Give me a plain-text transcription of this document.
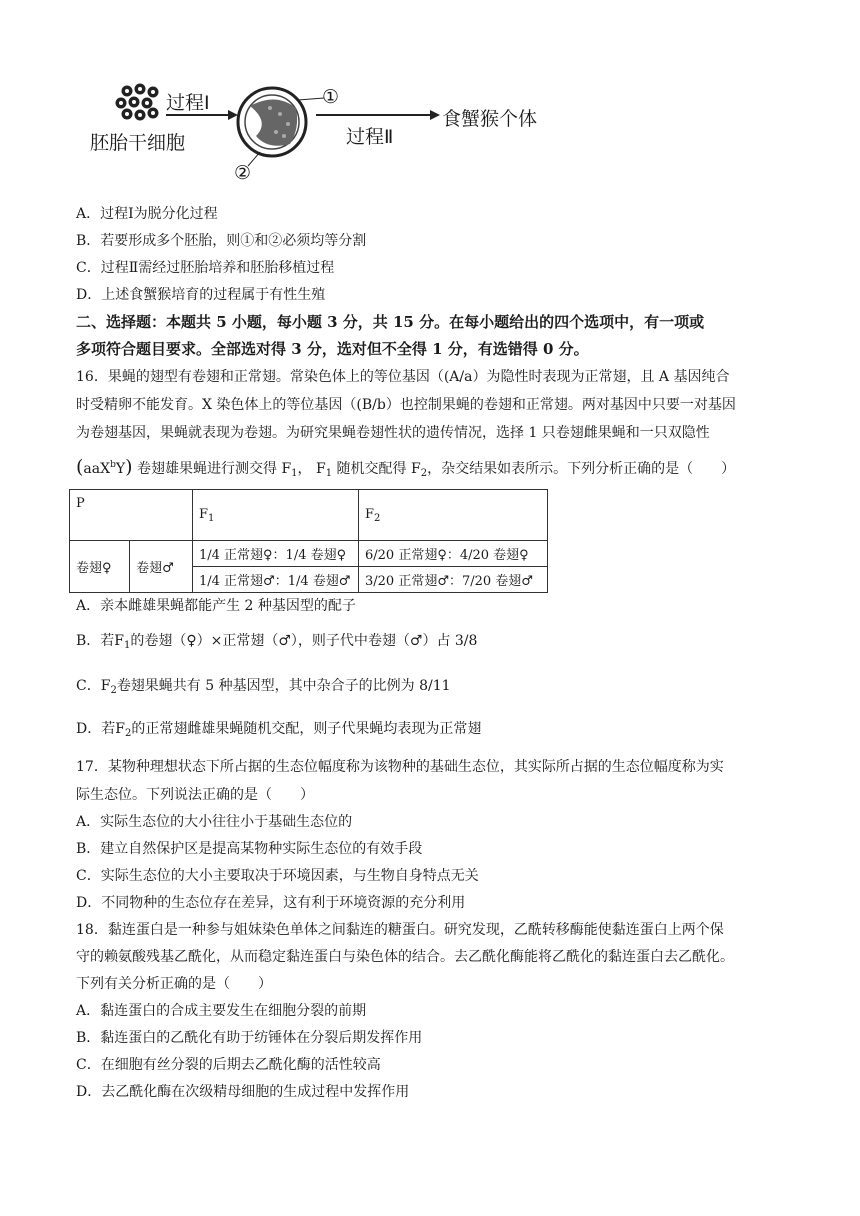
过程Ⅰ	①
食蟹猴个体
胚胎干细胞	过程Ⅱ
②
A．过程Ⅰ为脱分化过程
B．若要形成多个胚胎，则①和②必须均等分割
C．过程Ⅱ需经过胚胎培养和胚胎移植过程
D．上述食蟹猴培育的过程属于有性生殖
二、选择题：本题共 5 小题，每小题 3 分，共 15 分。在每小题给出的四个选项中，有一项或
多项符合题目要求。全部选对得 3 分，选对但不全得 1 分，有选错得 0 分。
16．果蝇的翅型有卷翅和正常翅。常染色体上的等位基因（(A/a）为隐性时表现为正常翅，且 A 基因纯合
时受精卵不能发育。X 染色体上的等位基因（(B/b）也控制果蝇的卷翅和正常翅。两对基因中只要一对基因
为卷翅基因，果蝇就表现为卷翅。为研究果蝇卷翅性状的遗传情况，选择 1 只卷翅雌果蝇和一只双隐性
(aaX$^b$Y) 卷翅雄果蝇进行测交得 $F_1$， $F_1$ 随机交配得 $F_2$，杂交结果如表所示。下列分析正确的是（　　）
P		$F_1$	$F_2$
卷翅♀	卷翅♂	1/4 正常翅♀：1/4 卷翅♀	6/20 正常翅♀：4/20 卷翅♀
		1/4 正常翅♂：1/4 卷翅♂	3/20 正常翅♂：7/20 卷翅♂
A．亲本雌雄果蝇都能产生 2 种基因型的配子
B．若$F_1$的卷翅（♀）×正常翅（♂），则子代中卷翅（♂）占 3/8
C．$F_2$卷翅果蝇共有 5 种基因型，其中杂合子的比例为 8/11
D．若$F_2$的正常翅雌雄果蝇随机交配，则子代果蝇均表现为正常翅
17．某物种理想状态下所占据的生态位幅度称为该物种的基础生态位，其实际所占据的生态位幅度称为实
际生态位。下列说法正确的是（　　）
A．实际生态位的大小往往小于基础生态位的
B．建立自然保护区是提高某物种实际生态位的有效手段
C．实际生态位的大小主要取决于环境因素，与生物自身特点无关
D．不同物种的生态位存在差异，这有利于环境资源的充分利用
18．黏连蛋白是一种参与姐妹染色单体之间黏连的糖蛋白。研究发现，乙酰转移酶能使黏连蛋白上两个保
守的赖氨酸残基乙酰化，从而稳定黏连蛋白与染色体的结合。去乙酰化酶能将乙酰化的黏连蛋白去乙酰化。
下列有关分析正确的是（　　）
A．黏连蛋白的合成主要发生在细胞分裂的前期
B．黏连蛋白的乙酰化有助于纺锤体在分裂后期发挥作用
C．在细胞有丝分裂的后期去乙酰化酶的活性较高
D．去乙酰化酶在次级精母细胞的生成过程中发挥作用
